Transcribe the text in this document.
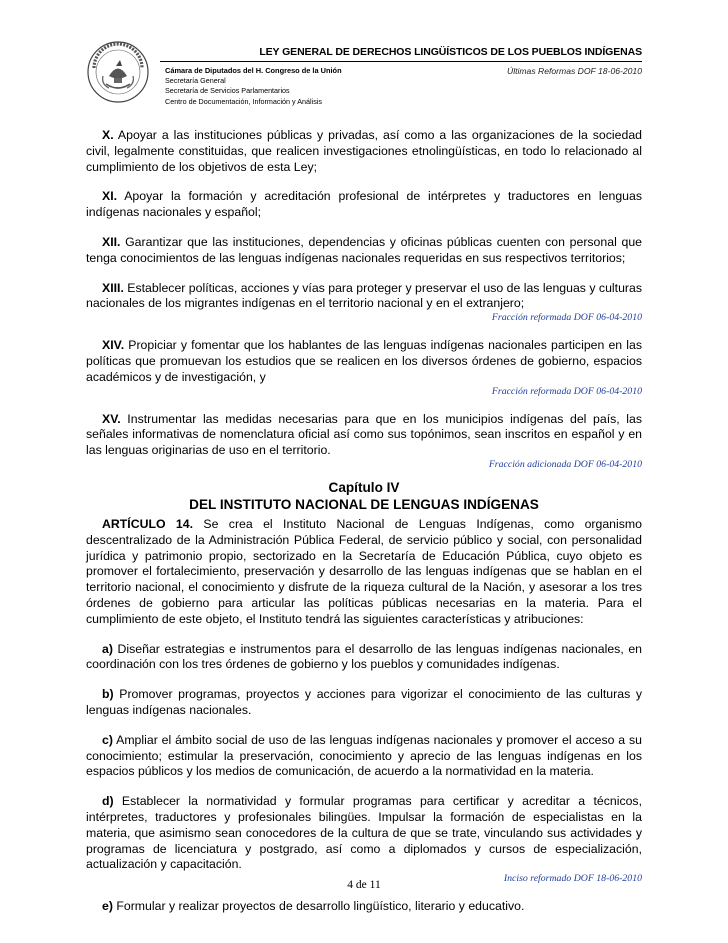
LEY GENERAL DE DERECHOS LINGÜÍSTICOS DE LOS PUEBLOS INDÍGENAS
Cámara de Diputados del H. Congreso de la Unión
Secretaría General
Secretaría de Servicios Parlamentarios
Centro de Documentación, Información y Análisis
Últimas Reformas DOF 18-06-2010

X. Apoyar a las instituciones públicas y privadas, así como a las organizaciones de la sociedad civil, legalmente constituidas, que realicen investigaciones etnolingüísticas, en todo lo relacionado al cumplimiento de los objetivos de esta Ley;

XI. Apoyar la formación y acreditación profesional de intérpretes y traductores en lenguas indígenas nacionales y español;

XII. Garantizar que las instituciones, dependencias y oficinas públicas cuenten con personal que tenga conocimientos de las lenguas indígenas nacionales requeridas en sus respectivos territorios;

XIII. Establecer políticas, acciones y vías para proteger y preservar el uso de las lenguas y culturas nacionales de los migrantes indígenas en el territorio nacional y en el extranjero;

Fracción reformada DOF 06-04-2010

XIV. Propiciar y fomentar que los hablantes de las lenguas indígenas nacionales participen en las políticas que promuevan los estudios que se realicen en los diversos órdenes de gobierno, espacios académicos y de investigación, y

Fracción reformada DOF 06-04-2010

XV. Instrumentar las medidas necesarias para que en los municipios indígenas del país, las señales informativas de nomenclatura oficial así como sus topónimos, sean inscritos en español y en las lenguas originarias de uso en el territorio.

Fracción adicionada DOF 06-04-2010

Capítulo IV
DEL INSTITUTO NACIONAL DE LENGUAS INDÍGENAS

ARTÍCULO 14. Se crea el Instituto Nacional de Lenguas Indígenas, como organismo descentralizado de la Administración Pública Federal, de servicio público y social, con personalidad jurídica y patrimonio propio, sectorizado en la Secretaría de Educación Pública, cuyo objeto es promover el fortalecimiento, preservación y desarrollo de las lenguas indígenas que se hablan en el territorio nacional, el conocimiento y disfrute de la riqueza cultural de la Nación, y asesorar a los tres órdenes de gobierno para articular las políticas públicas necesarias en la materia. Para el cumplimiento de este objeto, el Instituto tendrá las siguientes características y atribuciones:

a) Diseñar estrategias e instrumentos para el desarrollo de las lenguas indígenas nacionales, en coordinación con los tres órdenes de gobierno y los pueblos y comunidades indígenas.

b) Promover programas, proyectos y acciones para vigorizar el conocimiento de las culturas y lenguas indígenas nacionales.

c) Ampliar el ámbito social de uso de las lenguas indígenas nacionales y promover el acceso a su conocimiento; estimular la preservación, conocimiento y aprecio de las lenguas indígenas en los espacios públicos y los medios de comunicación, de acuerdo a la normatividad en la materia.

d) Establecer la normatividad y formular programas para certificar y acreditar a técnicos, intérpretes, traductores y profesionales bilingües. Impulsar la formación de especialistas en la materia, que asimismo sean conocedores de la cultura de que se trate, vinculando sus actividades y programas de licenciatura y postgrado, así como a diplomados y cursos de especialización, actualización y capacitación.

Inciso reformado DOF 18-06-2010

e) Formular y realizar proyectos de desarrollo lingüístico, literario y educativo.

4 de 11
